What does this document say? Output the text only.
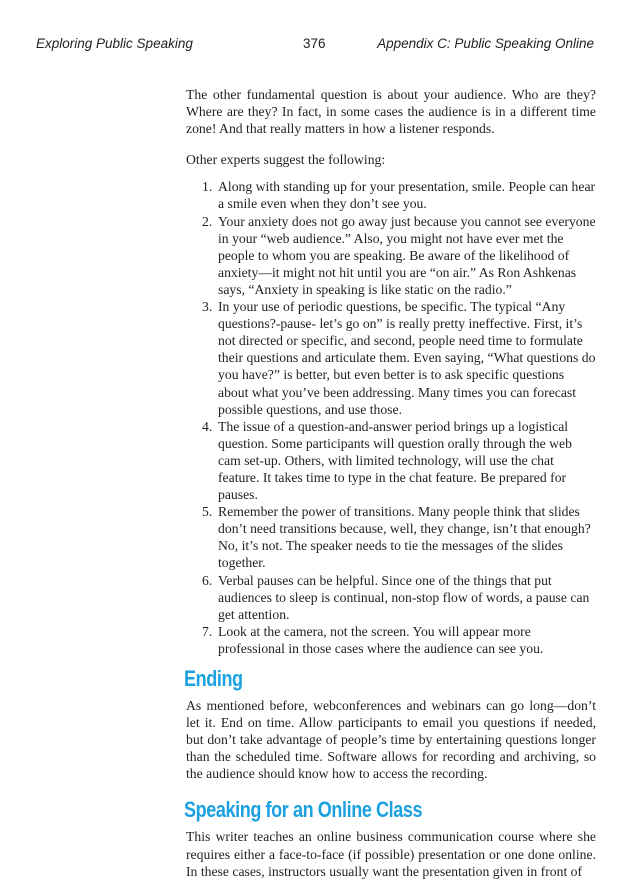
Exploring Public Speaking	376	Appendix C: Public Speaking Online

The other fundamental question is about your audience. Who are they? Where are they? In fact, in some cases the audience is in a different time zone! And that really matters in how a listener responds.

Other experts suggest the following:

1. Along with standing up for your presentation, smile. People can hear a smile even when they don’t see you.
2. Your anxiety does not go away just because you cannot see everyone in your “web audience.” Also, you might not have ever met the people to whom you are speaking. Be aware of the likelihood of anxiety—it might not hit until you are “on air.” As Ron Ashkenas says, “Anxiety in speaking is like static on the radio.”
3. In your use of periodic questions, be specific. The typical “Any questions?-pause- let’s go on” is really pretty ineffective. First, it’s not directed or specific, and second, people need time to formulate their questions and articulate them. Even saying, “What questions do you have?” is better, but even better is to ask specific questions about what you’ve been addressing. Many times you can forecast possible questions, and use those.
4. The issue of a question-and-answer period brings up a logistical question. Some participants will question orally through the web cam set-up. Others, with limited technology, will use the chat feature. It takes time to type in the chat feature. Be prepared for pauses.
5. Remember the power of transitions. Many people think that slides don’t need transitions because, well, they change, isn’t that enough? No, it’s not. The speaker needs to tie the messages of the slides together.
6. Verbal pauses can be helpful. Since one of the things that put audiences to sleep is continual, non-stop flow of words, a pause can get attention.
7. Look at the camera, not the screen. You will appear more professional in those cases where the audience can see you.
Ending

As mentioned before, webconferences and webinars can go long—don’t let it. End on time. Allow participants to email you questions if needed, but don’t take advantage of people’s time by entertaining questions longer than the scheduled time. Software allows for recording and archiving, so the audience should know how to access the recording.

Speaking for an Online Class

This writer teaches an online business communication course where she requires either a face-to-face (if possible) presentation or one done online. In these cases, instructors usually want the presentation given in front of
